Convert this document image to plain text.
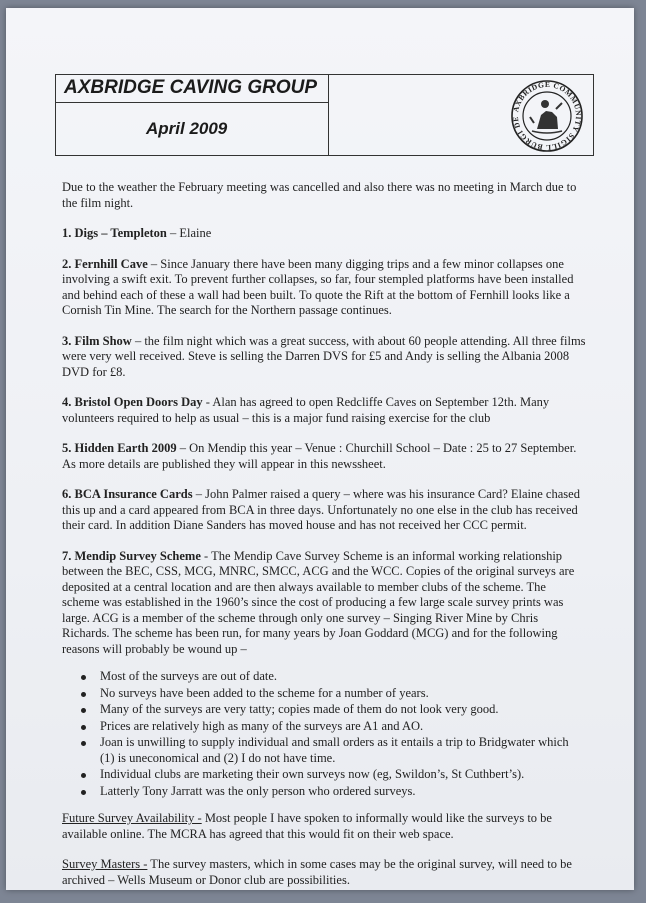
AXBRIDGE CAVING GROUP
April 2009
AXBRIDGE COMMUNITY SIGILL BURGI DE

Due to the weather the February meeting was cancelled and also there was no meeting in March due to the film night.

1. Digs – Templeton – Elaine

2. Fernhill Cave – Since January there have been many digging trips and a few minor collapses one involving a swift exit. To prevent further collapses, so far, four stempled platforms have been installed and behind each of these a wall had been built. To quote the Rift at the bottom of Fernhill looks like a Cornish Tin Mine. The search for the Northern passage continues.

3. Film Show – the film night which was a great success, with about 60 people attending. All three films were very well received. Steve is selling the Darren DVS for £5 and Andy is selling the Albania 2008 DVD for £8.

4. Bristol Open Doors Day - Alan has agreed to open Redcliffe Caves on September 12th. Many volunteers required to help as usual – this is a major fund raising exercise for the club

5. Hidden Earth 2009 – On Mendip this year – Venue : Churchill School – Date : 25 to 27 September. As more details are published they will appear in this newssheet.

6. BCA Insurance Cards – John Palmer raised a query – where was his insurance Card? Elaine chased this up and a card appeared from BCA in three days. Unfortunately no one else in the club has received their card. In addition Diane Sanders has moved house and has not received her CCC permit.

7. Mendip Survey Scheme - The Mendip Cave Survey Scheme is an informal working relationship between the BEC, CSS, MCG, MNRC, SMCC, ACG and the WCC. Copies of the original surveys are deposited at a central location and are then always available to member clubs of the scheme. The scheme was established in the 1960’s since the cost of producing a few large scale survey prints was large. ACG is a member of the scheme through only one survey – Singing River Mine by Chris Richards. The scheme has been run, for many years by Joan Goddard (MCG) and for the following reasons will probably be wound up –

Most of the surveys are out of date.
No surveys have been added to the scheme for a number of years.
Many of the surveys are very tatty; copies made of them do not look very good.
Prices are relatively high as many of the surveys are A1 and AO.
Joan is unwilling to supply individual and small orders as it entails a trip to Bridgwater which (1) is uneconomical and (2) I do not have time.
Individual clubs are marketing their own surveys now (eg, Swildon’s, St Cuthbert’s).
Latterly Tony Jarratt was the only person who ordered surveys.

Future Survey Availability - Most people I have spoken to informally would like the surveys to be available online. The MCRA has agreed that this would fit on their web space.

Survey Masters - The survey masters, which in some cases may be the original survey, will need to be archived – Wells Museum or Donor club are possibilities.
